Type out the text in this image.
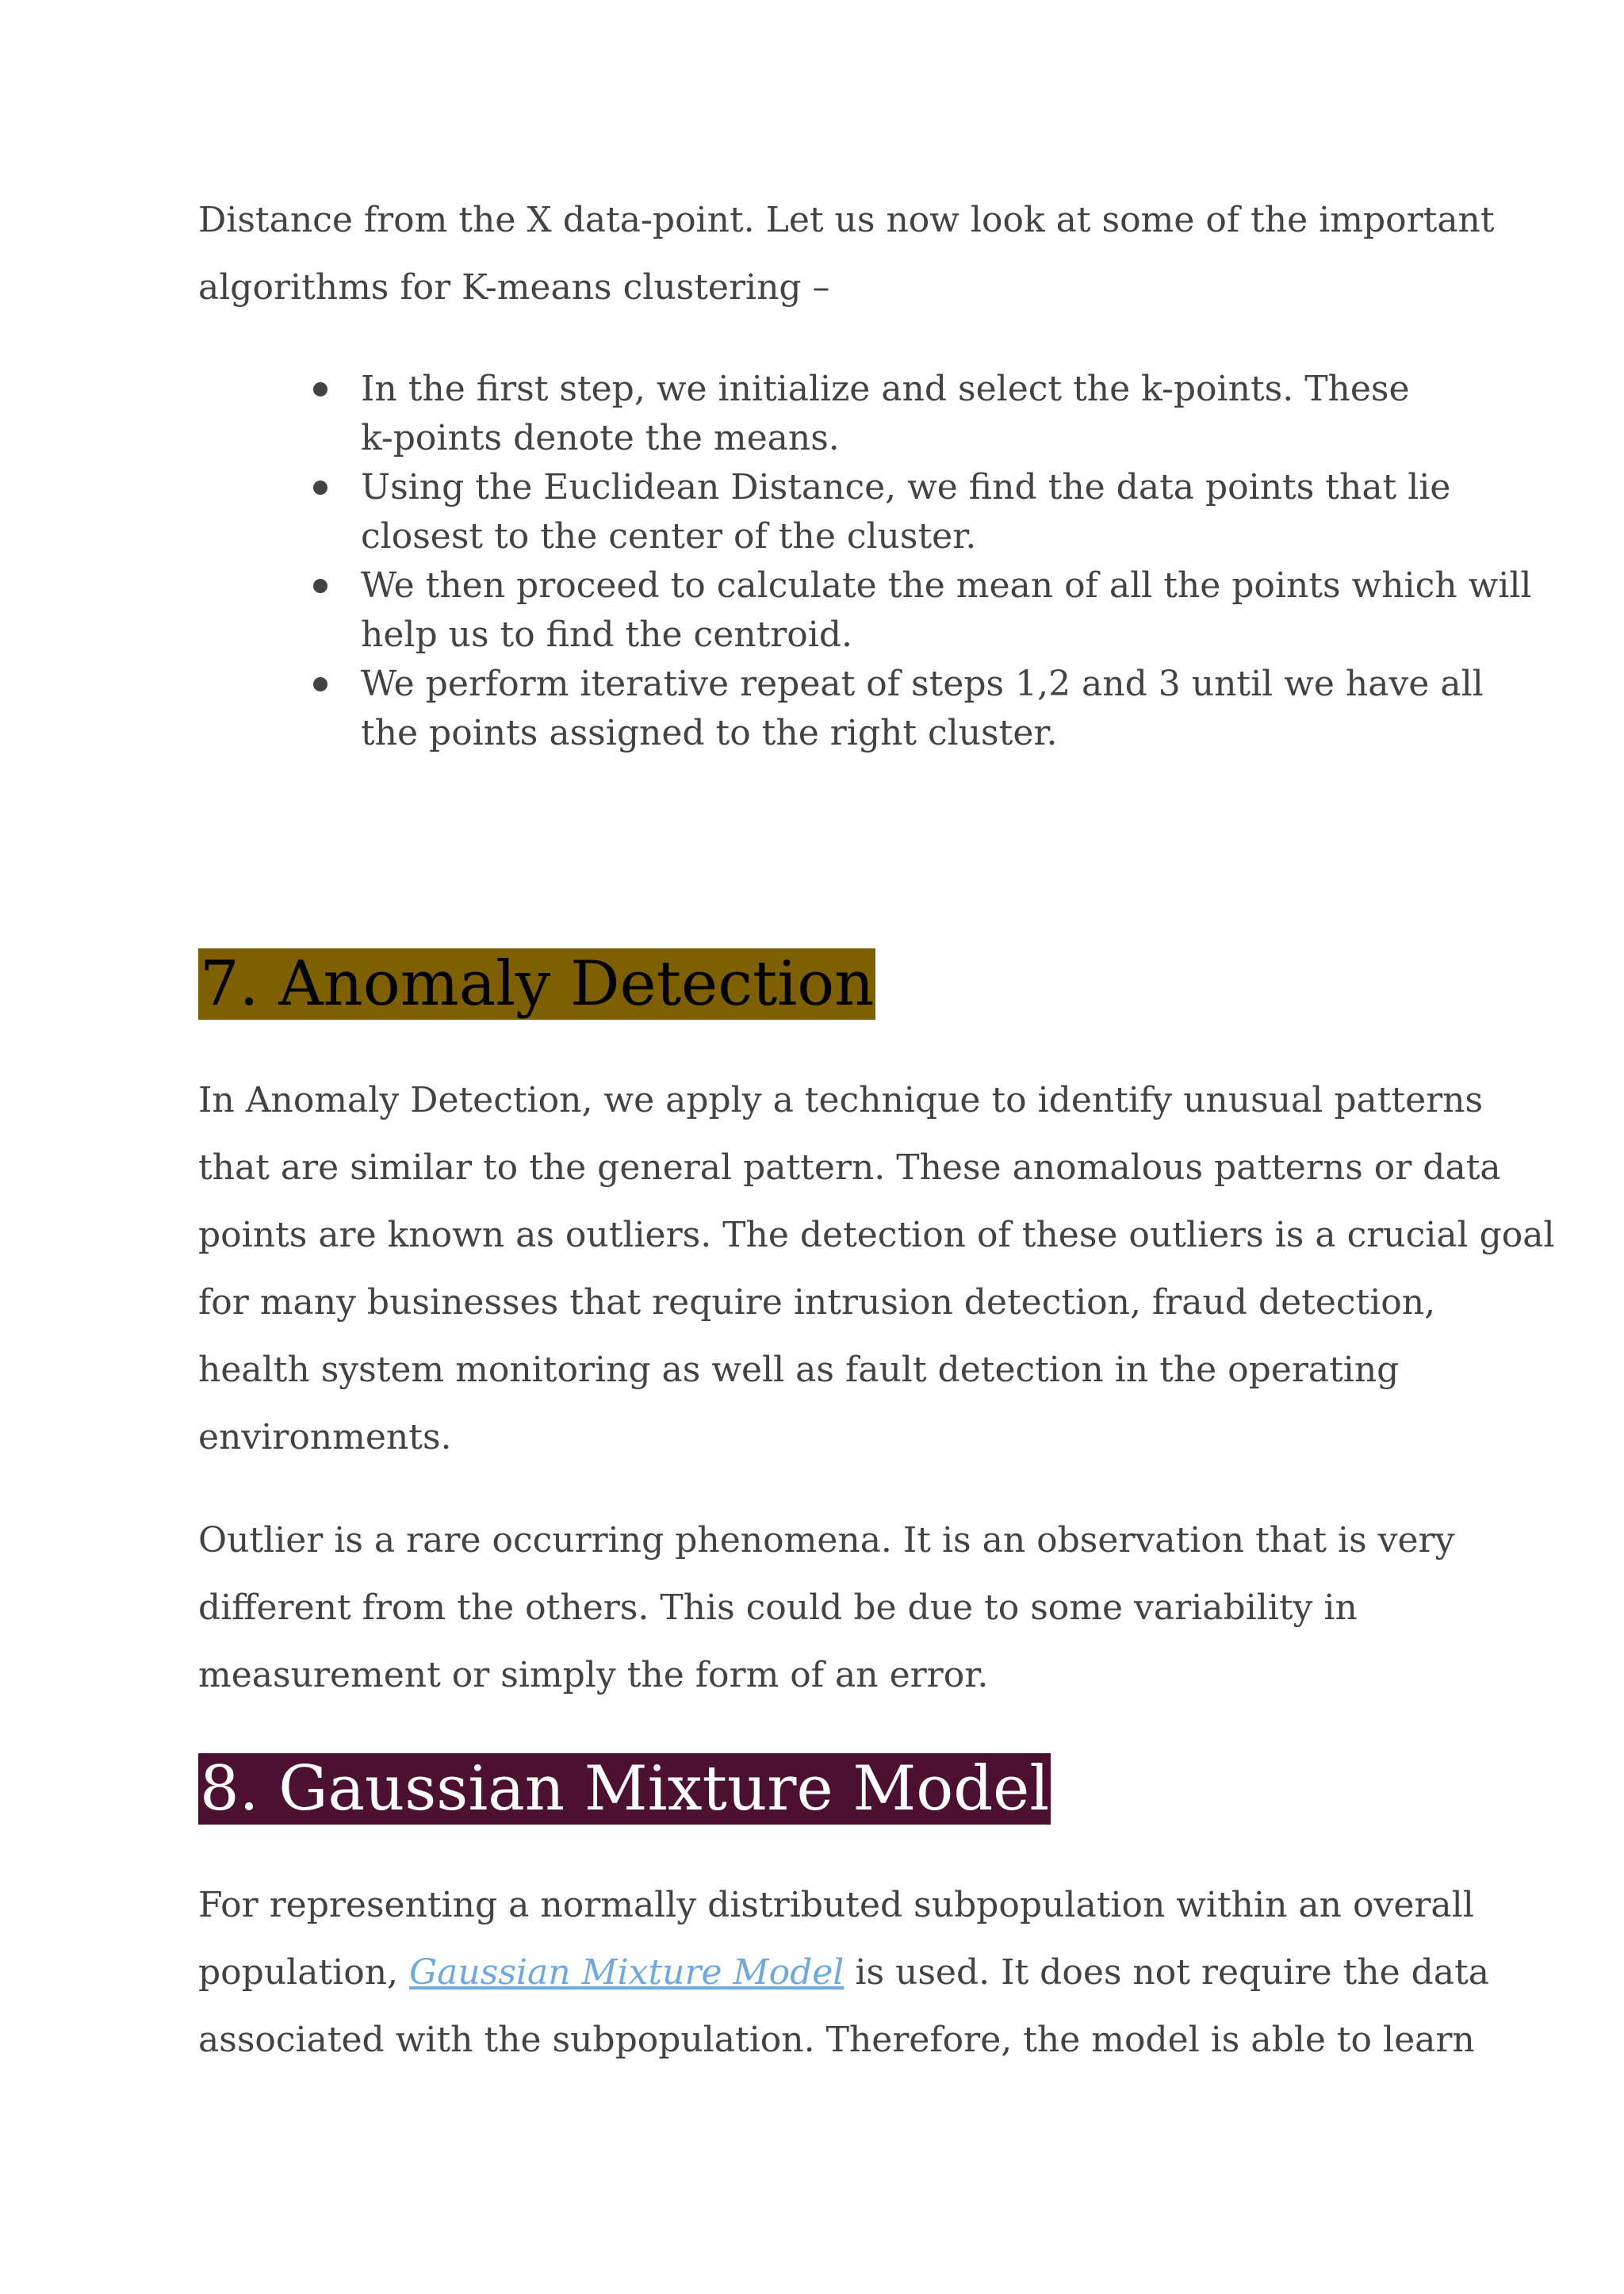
Distance from the X data-point. Let us now look at some of the important
algorithms for K-means clustering –

In the first step, we initialize and select the k-points. These
k-points denote the means.
Using the Euclidean Distance, we find the data points that lie
closest to the center of the cluster.
We then proceed to calculate the mean of all the points which will
help us to find the centroid.
We perform iterative repeat of steps 1,2 and 3 until we have all
the points assigned to the right cluster.
7. Anomaly Detection

In Anomaly Detection, we apply a technique to identify unusual patterns
that are similar to the general pattern. These anomalous patterns or data
points are known as outliers. The detection of these outliers is a crucial goal
for many businesses that require intrusion detection, fraud detection,
health system monitoring as well as fault detection in the operating
environments.

Outlier is a rare occurring phenomena. It is an observation that is very
different from the others. This could be due to some variability in
measurement or simply the form of an error.

8. Gaussian Mixture Model

For representing a normally distributed subpopulation within an overall
population, Gaussian Mixture Model is used. It does not require the data
associated with the subpopulation. Therefore, the model is able to learn
